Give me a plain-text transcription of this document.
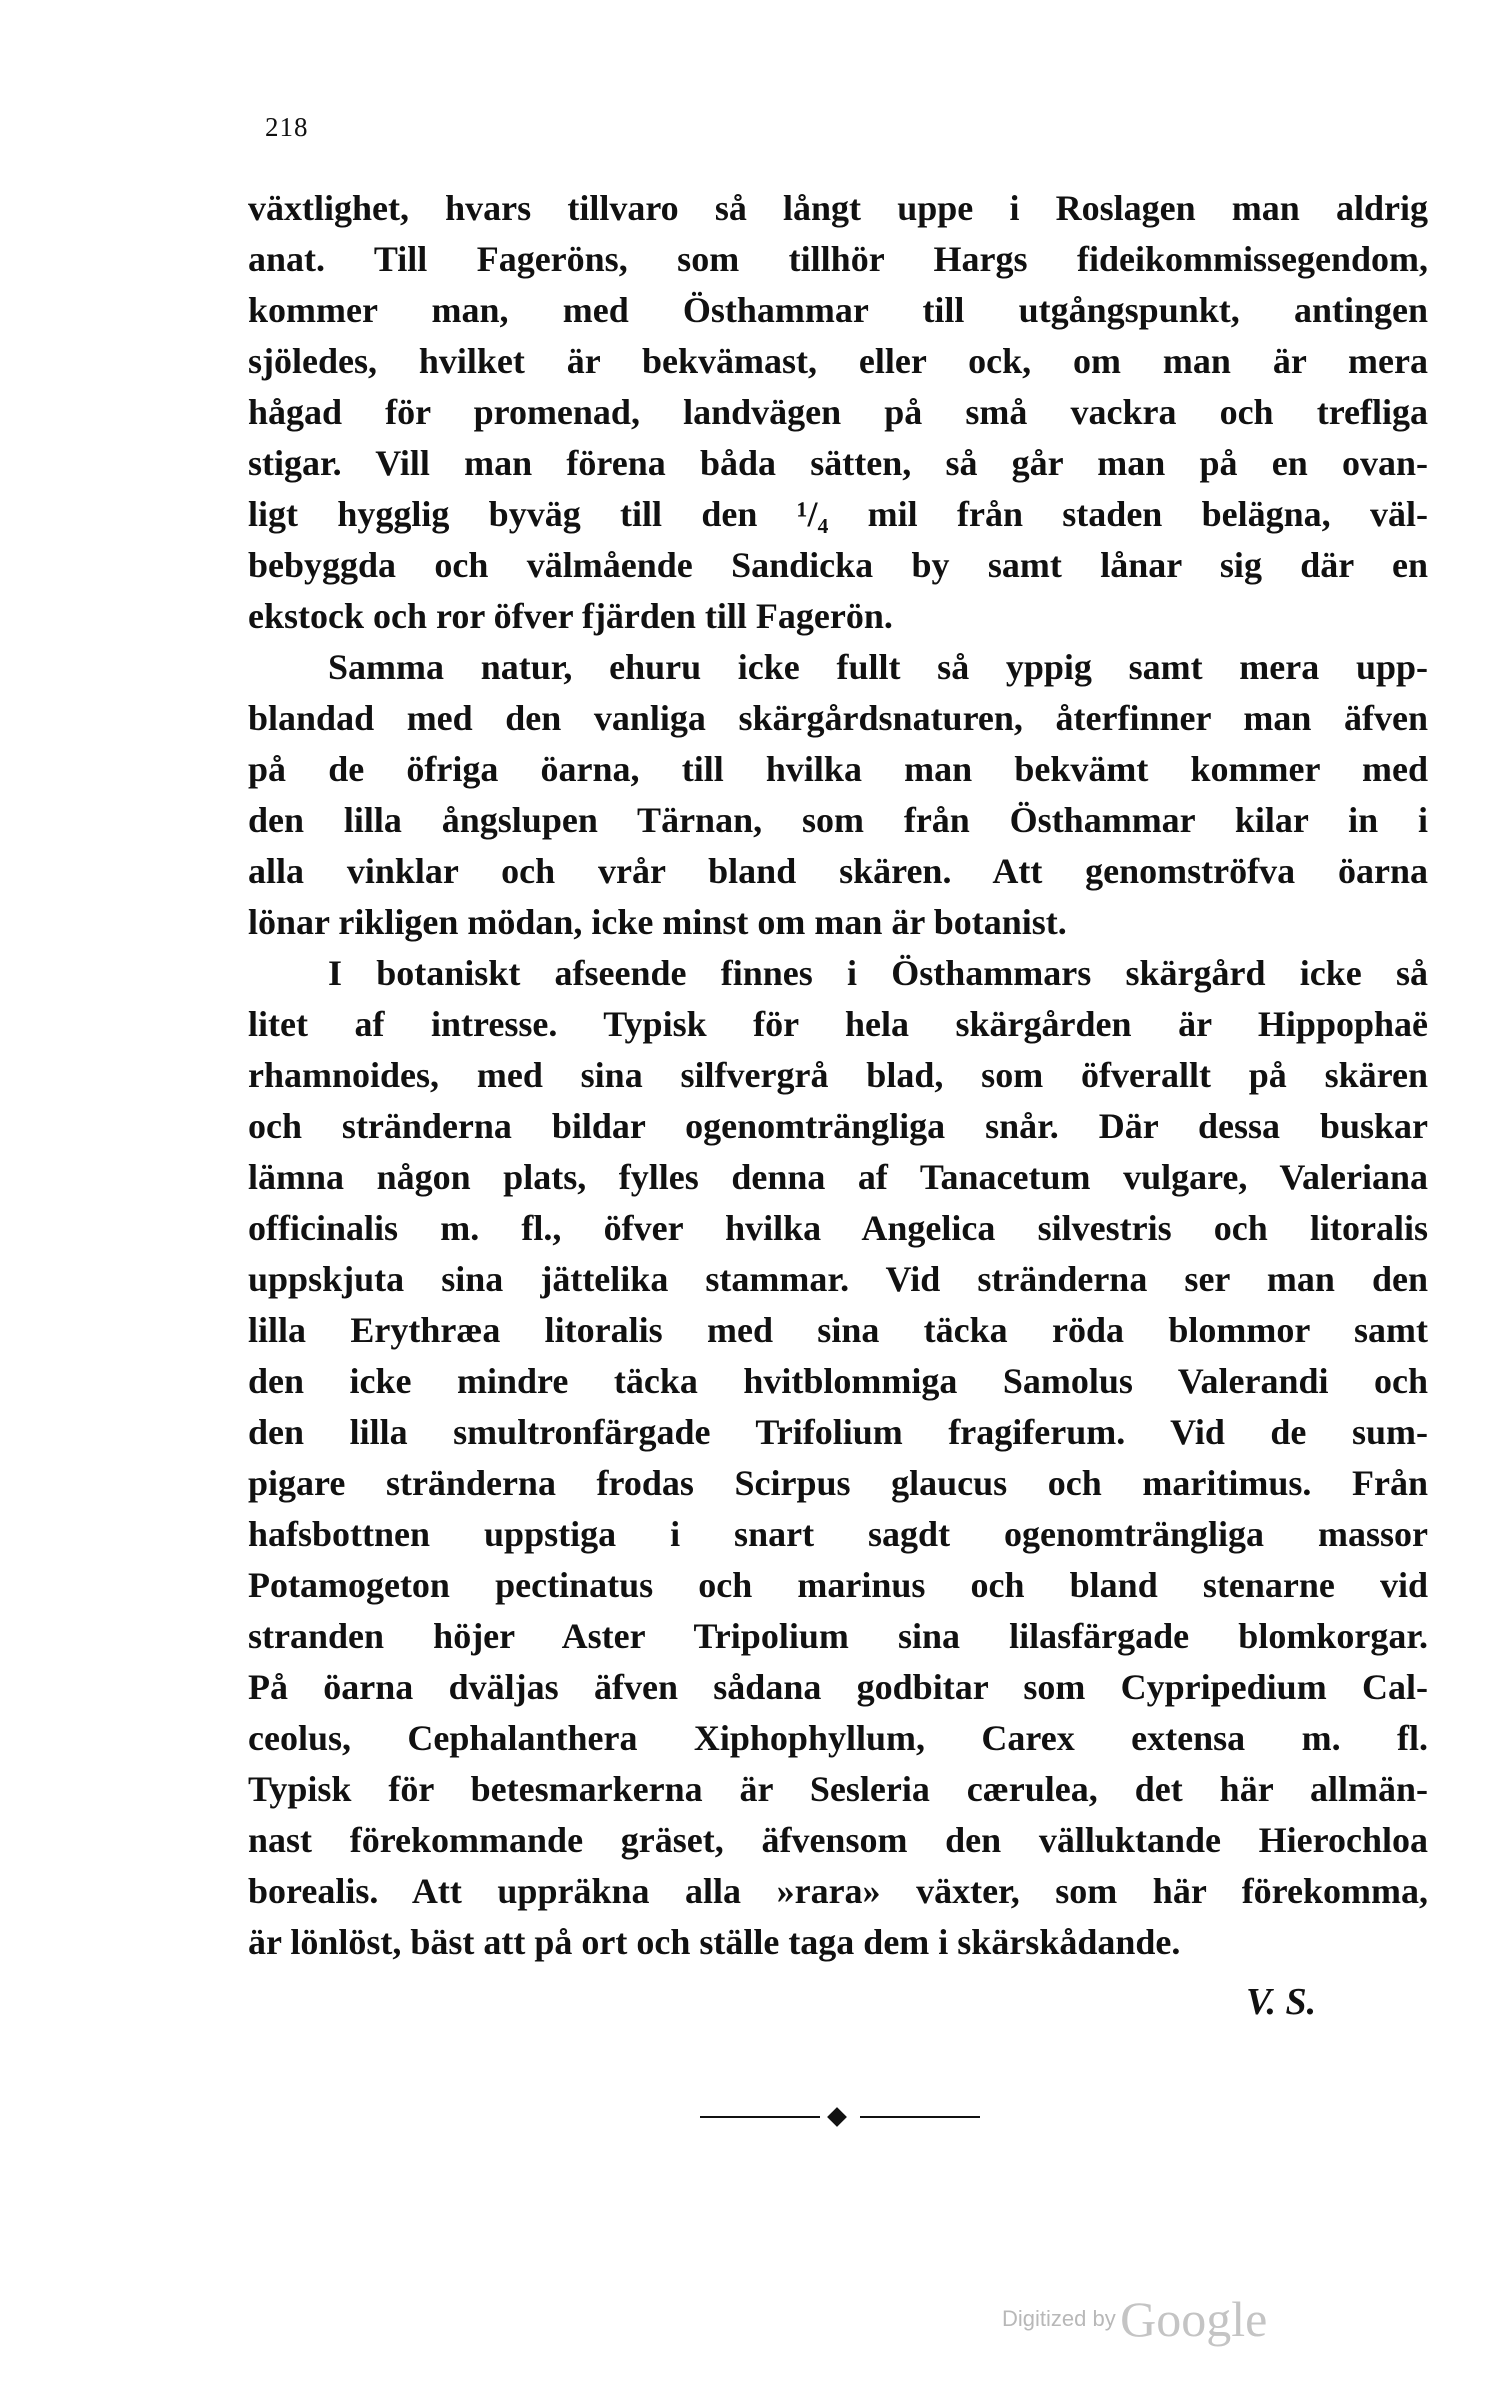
218
växtlighet, hvars tillvaro så långt uppe i Roslagen man aldrig
anat. Till Fageröns, som tillhör Hargs fideikommissegendom,
kommer man, med Östhammar till utgångspunkt, antingen
sjöledes, hvilket är bekvämast, eller ock, om man är mera
hågad för promenad, landvägen på små vackra och trefliga
stigar. Vill man förena båda sätten, så går man på en ovan-
ligt hygglig byväg till den ¹/₄ mil från staden belägna, väl-
bebyggda och välmående Sandicka by samt lånar sig där en
ekstock och ror öfver fjärden till Fagerön.
Samma natur, ehuru icke fullt så yppig samt mera upp-
blandad med den vanliga skärgårdsnaturen, återfinner man äfven
på de öfriga öarna, till hvilka man bekvämt kommer med
den lilla ångslupen Tärnan, som från Östhammar kilar in i
alla vinklar och vrår bland skären. Att genomströfva öarna
lönar rikligen mödan, icke minst om man är botanist.
I botaniskt afseende finnes i Östhammars skärgård icke så
litet af intresse. Typisk för hela skärgården är Hippophaë
rhamnoides, med sina silfvergrå blad, som öfverallt på skären
och stränderna bildar ogenomträngliga snår. Där dessa buskar
lämna någon plats, fylles denna af Tanacetum vulgare, Valeriana
officinalis m. fl., öfver hvilka Angelica silvestris och litoralis
uppskjuta sina jättelika stammar. Vid stränderna ser man den
lilla Erythræa litoralis med sina täcka röda blommor samt
den icke mindre täcka hvitblommiga Samolus Valerandi och
den lilla smultronfärgade Trifolium fragiferum. Vid de sum-
pigare stränderna frodas Scirpus glaucus och maritimus. Från
hafsbottnen uppstiga i snart sagdt ogenomträngliga massor
Potamogeton pectinatus och marinus och bland stenarne vid
stranden höjer Aster Tripolium sina lilasfärgade blomkorgar.
På öarna dväljas äfven sådana godbitar som Cypripedium Cal-
ceolus, Cephalanthera Xiphophyllum, Carex extensa m. fl.
Typisk för betesmarkerna är Sesleria cærulea, det här allmän-
nast förekommande gräset, äfvensom den välluktande Hierochloa
borealis. Att uppräkna alla »rara» växter, som här förekomma,
är lönlöst, bäst att på ort och ställe taga dem i skärskådande.
V. S.
Digitized by Google
